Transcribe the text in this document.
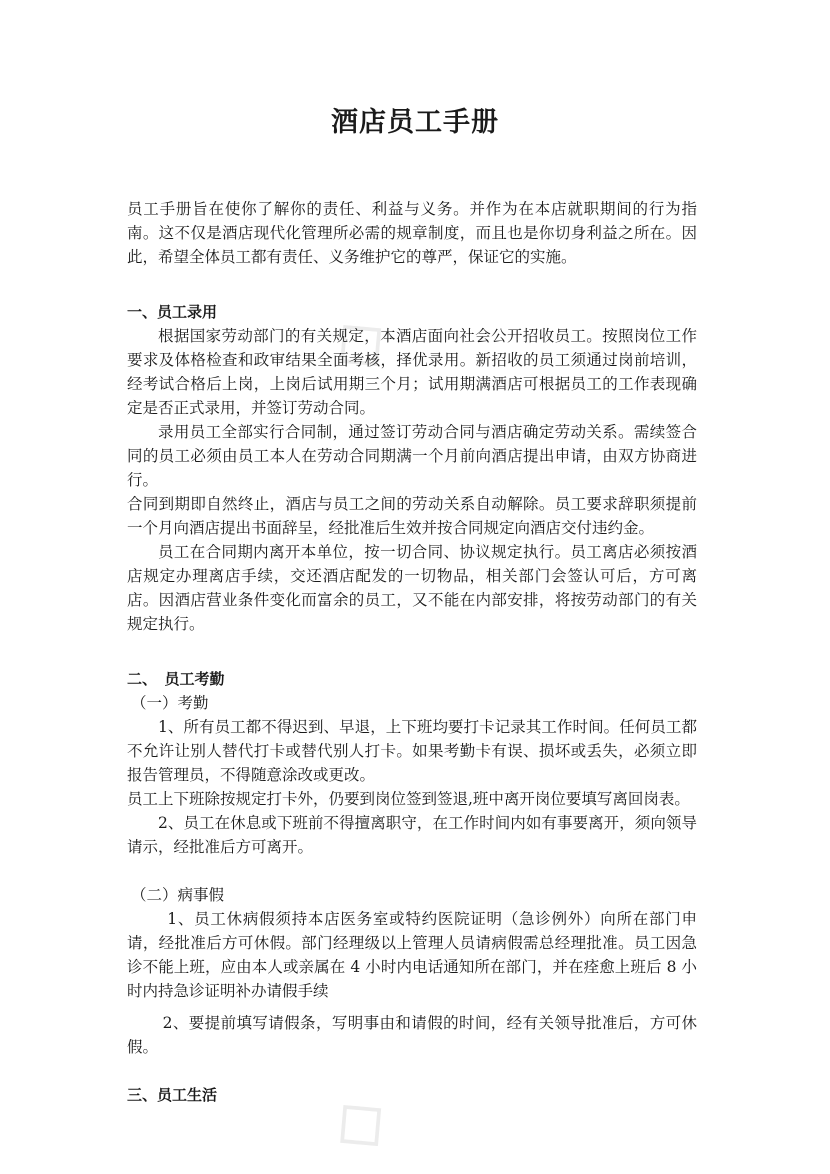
◇
◇
酒店员工手册

员工手册旨在使你了解你的责任、利益与义务。并作为在本店就职期间的行为指南。这不仅是酒店现代化管理所必需的规章制度，而且也是你切身利益之所在。因此，希望全体员工都有责任、义务维护它的尊严，保证它的实施。

一、员工录用

根据国家劳动部门的有关规定，本酒店面向社会公开招收员工。按照岗位工作要求及体格检查和政审结果全面考核，择优录用。新招收的员工须通过岗前培训，经考试合格后上岗，上岗后试用期三个月；试用期满酒店可根据员工的工作表现确定是否正式录用，并签订劳动合同。

录用员工全部实行合同制，通过签订劳动合同与酒店确定劳动关系。需续签合同的员工必须由员工本人在劳动合同期满一个月前向酒店提出申请，由双方协商进行。

合同到期即自然终止，酒店与员工之间的劳动关系自动解除。员工要求辞职须提前一个月向酒店提出书面辞呈，经批准后生效并按合同规定向酒店交付违约金。

员工在合同期内离开本单位，按一切合同、协议规定执行。员工离店必须按酒店规定办理离店手续，交还酒店配发的一切物品，相关部门会签认可后，方可离店。因酒店营业条件变化而富余的员工，又不能在内部安排，将按劳动部门的有关规定执行。

二、　员工考勤

（一）考勤

1、所有员工都不得迟到、早退，上下班均要打卡记录其工作时间。任何员工都不允许让别人替代打卡或替代别人打卡。如果考勤卡有误、损坏或丢失，必须立即报告管理员，不得随意涂改或更改。

员工上下班除按规定打卡外，仍要到岗位签到签退,班中离开岗位要填写离回岗表。

2、员工在休息或下班前不得擅离职守，在工作时间内如有事要离开，须向领导请示，经批准后方可离开。

（二）病事假

1、员工休病假须持本店医务室或特约医院证明（急诊例外）向所在部门申请，经批准后方可休假。部门经理级以上管理人员请病假需总经理批准。员工因急诊不能上班，应由本人或亲属在 4 小时内电话通知所在部门，并在痊愈上班后 8 小时内持急诊证明补办请假手续

2、要提前填写请假条，写明事由和请假的时间，经有关领导批准后，方可休假。

三、员工生活
